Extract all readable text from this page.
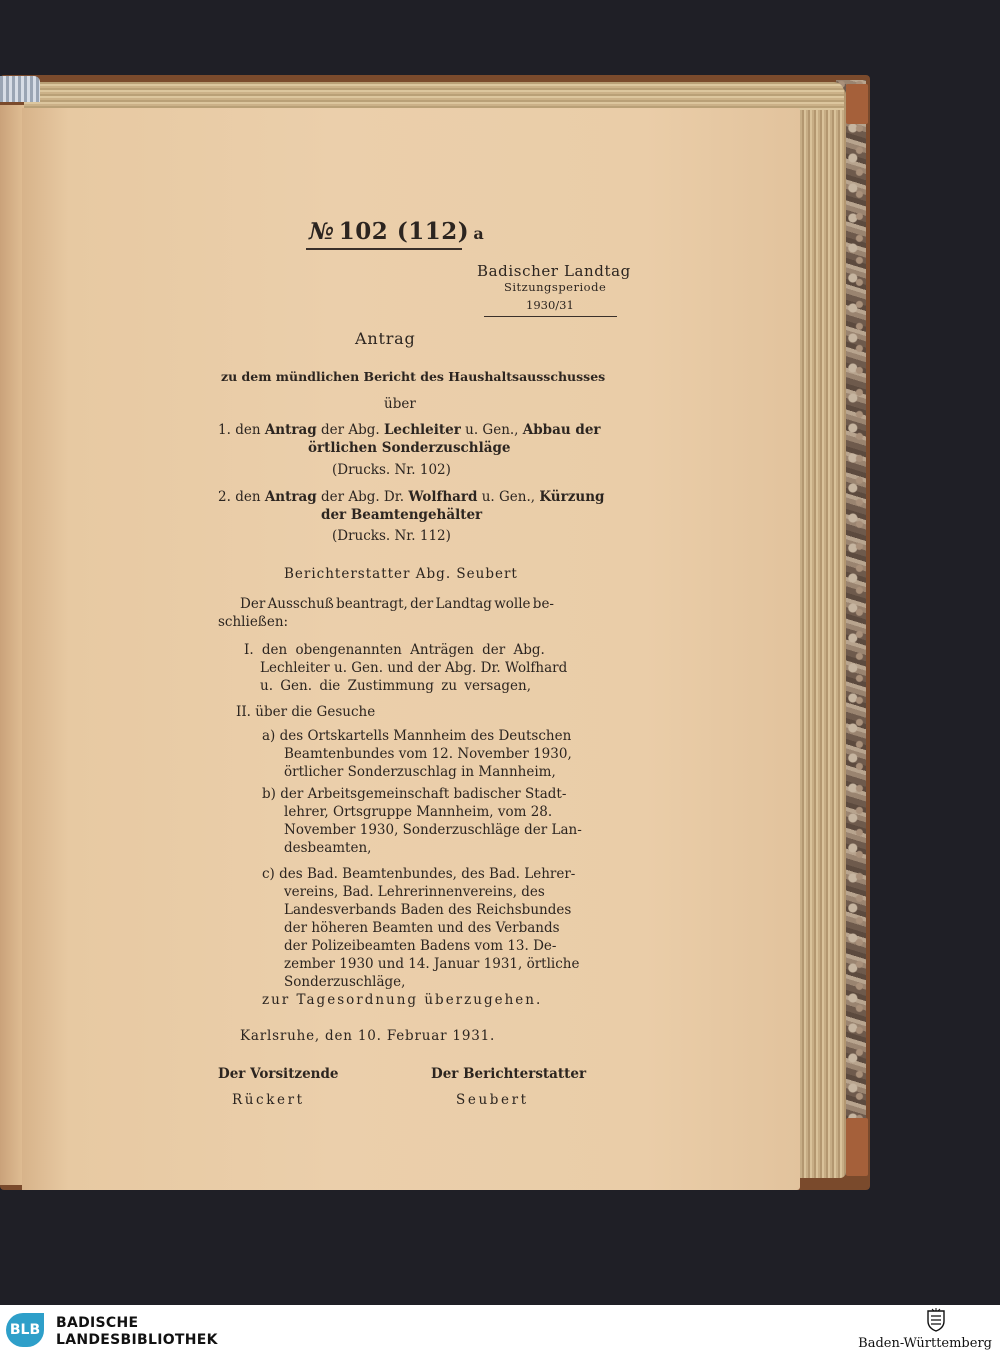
№ 102 (112) a
Badischer Landtag
Sitzungsperiode
1930/31
Antrag
zu dem mündlichen Bericht des Haushaltsausschusses
über
1. den Antrag der Abg. Lechleiter u. Gen., Abbau der
örtlichen Sonderzuschläge
(Drucks. Nr. 102)
2. den Antrag der Abg. Dr. Wolfhard u. Gen., Kürzung
der Beamtengehälter
(Drucks. Nr. 112)
Berichterstatter Abg. Seubert
Der Ausschuß beantragt, der Landtag wolle be-
schließen:
I. den obengenannten Anträgen der Abg.
Lechleiter u. Gen. und der Abg. Dr. Wolfhard
u. Gen. die Zustimmung zu versagen,
II. über die Gesuche
a) des Ortskartells Mannheim des Deutschen
Beamtenbundes vom 12. November 1930,
örtlicher Sonderzuschlag in Mannheim,
b) der Arbeitsgemeinschaft badischer Stadt-
lehrer, Ortsgruppe Mannheim, vom 28.
November 1930, Sonderzuschläge der Lan-
desbeamten,
c) des Bad. Beamtenbundes, des Bad. Lehrer-
vereins, Bad. Lehrerinnenvereins, des
Landesverbands Baden des Reichsbundes
der höheren Beamten und des Verbands
der Polizeibeamten Badens vom 13. De-
zember 1930 und 14. Januar 1931, örtliche
Sonderzuschläge,
zur Tagesordnung überzugehen.
Karlsruhe, den 10. Februar 1931.
Der Vorsitzende
Rückert
Der Berichterstatter
Seubert
BLB BADISCHE
LANDESBIBLIOTHEK	Baden-Württemberg
